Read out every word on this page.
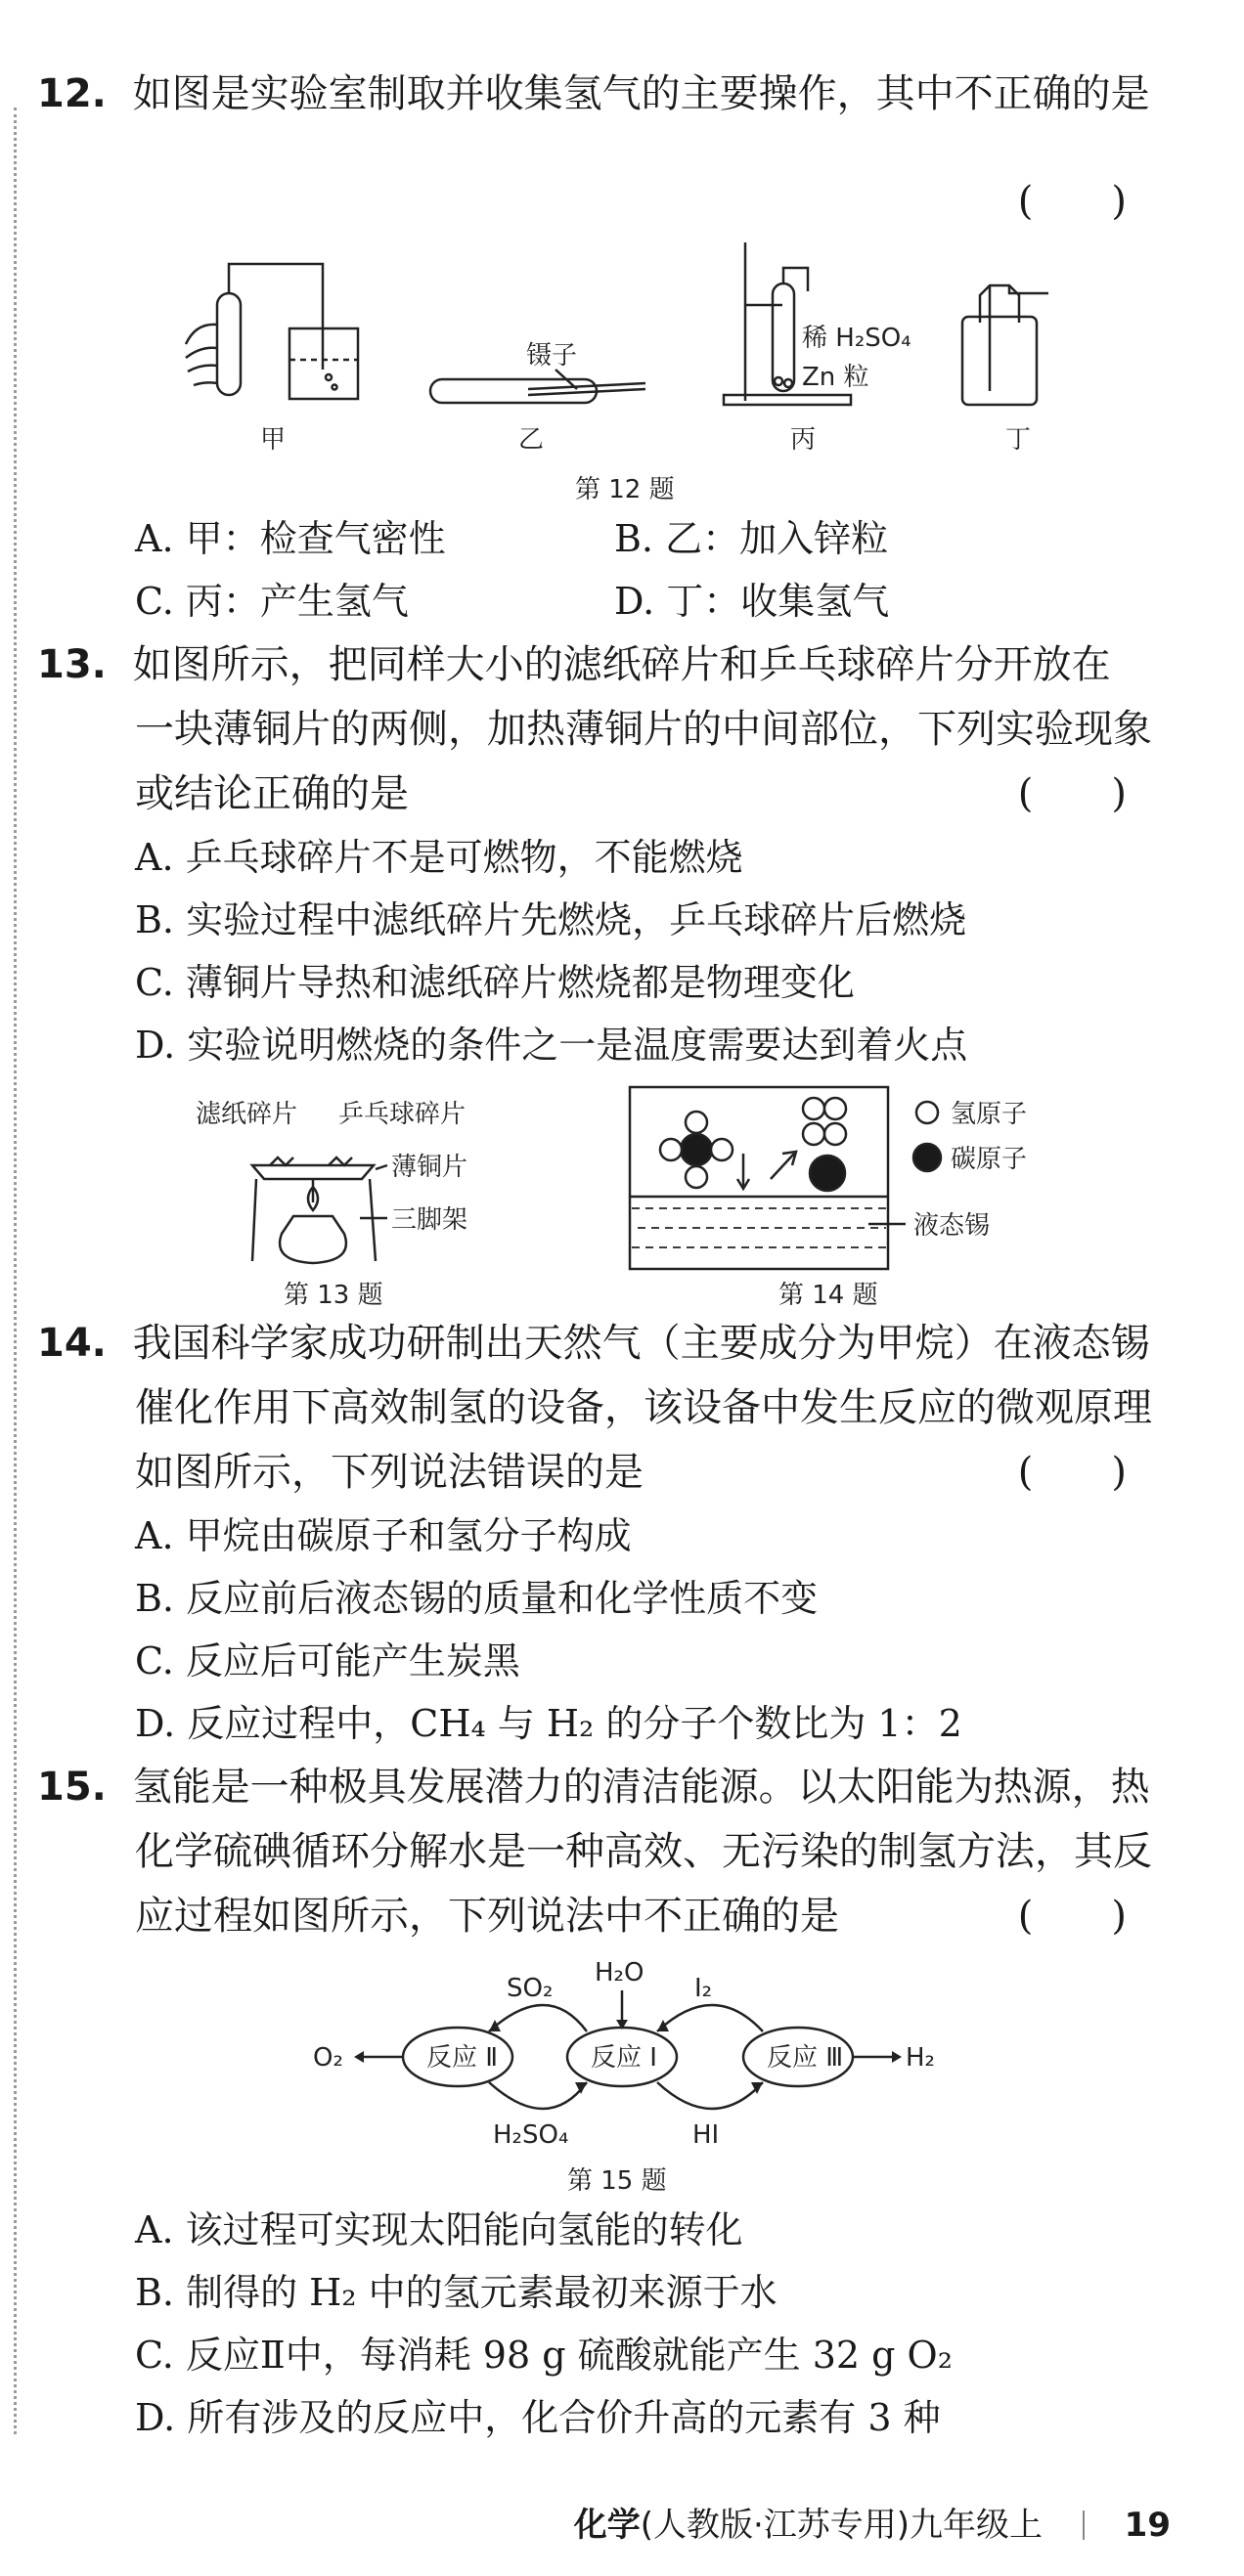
12. 如图是实验室制取并收集氢气的主要操作，其中不正确的是
(　　)
镊子
稀 H₂SO₄
Zn 粒
甲	乙	丙	丁
第 12 题
A. 甲：检查气密性	B. 乙：加入锌粒
C. 丙：产生氢气	D. 丁：收集氢气
13. 如图所示，把同样大小的滤纸碎片和乒乓球碎片分开放在
一块薄铜片的两侧，加热薄铜片的中间部位，下列实验现象
或结论正确的是	(　　)
A. 乒乓球碎片不是可燃物，不能燃烧
B. 实验过程中滤纸碎片先燃烧，乒乓球碎片后燃烧
C. 薄铜片导热和滤纸碎片燃烧都是物理变化
D. 实验说明燃烧的条件之一是温度需要达到着火点
滤纸碎片 乒乓球碎片
薄铜片
三脚架
第 13 题
氢原子
碳原子
液态锡
第 14 题
14. 我国科学家成功研制出天然气（主要成分为甲烷）在液态锡
催化作用下高效制氢的设备，该设备中发生反应的微观原理
如图所示，下列说法错误的是	(　　)
A. 甲烷由碳原子和氢分子构成
B. 反应前后液态锡的质量和化学性质不变
C. 反应后可能产生炭黑
D. 反应过程中，CH₄ 与 H₂ 的分子个数比为 1：2
15. 氢能是一种极具发展潜力的清洁能源。以太阳能为热源，热
化学硫碘循环分解水是一种高效、无污染的制氢方法，其反
应过程如图所示，下列说法中不正确的是	(　　)
反应 Ⅱ	反应 Ⅰ	反应 Ⅲ
SO₂
H₂O
I₂
O₂	H₂
H₂SO₄	HI
第 15 题
A. 该过程可实现太阳能向氢能的转化
B. 制得的 H₂ 中的氢元素最初来源于水
C. 反应Ⅱ中，每消耗 98 g 硫酸就能产生 32 g O₂
D. 所有涉及的反应中，化合价升高的元素有 3 种
化学(人教版·江苏专用)九年级上 19
